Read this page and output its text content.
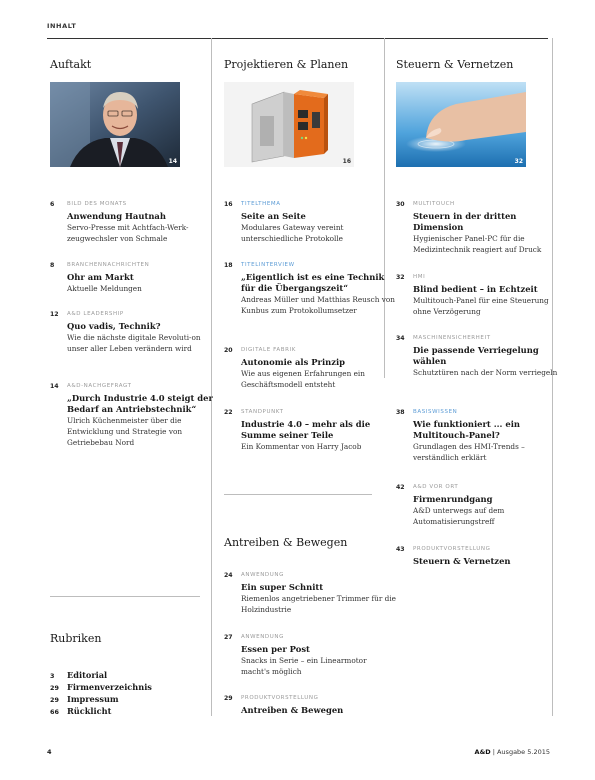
INHALT
Auftakt
14
6 BILD DES MONATS
Anwendung Hautnah
Servo-Presse mit Achtfach-Werk-zeugwechsler von Schmale
8 BRANCHENNACHRICHTEN
Ohr am Markt
Aktuelle Meldungen
12 A&D LEADERSHIP
Quo vadis, Technik?
Wie die nächste digitale Revoluti-on unser aller Leben verändern wird
14 A&D-NACHGEFRAGT
„Durch Industrie 4.0 steigt der Bedarf an Antriebstechnik“
Ulrich Küchenmeister über die Entwicklung und Strategie von Getriebebau Nord
Rubriken
3 Editorial
29 Firmenverzeichnis
29 Impressum
66 Rücklicht
Projektieren & Planen
16
16 TITELTHEMA
Seite an Seite
Modulares Gateway vereint unterschiedliche Protokolle
18 TITELINTERVIEW
„Eigentlich ist es eine Technik für die Übergangszeit“
Andreas Müller und Matthias Reusch von Kunbus zum Protokollumsetzer
20 DIGITALE FABRIK
Autonomie als Prinzip
Wie aus eigenen Erfahrungen ein Geschäftsmodell entsteht
22 STANDPUNKT
Industrie 4.0 – mehr als die Summe seiner Teile
Ein Kommentar von Harry Jacob
Antreiben & Bewegen
24 ANWENDUNG
Ein super Schnitt
Riemenlos angetriebener Trimmer für die Holzindustrie
27 ANWENDUNG
Essen per Post
Snacks in Serie – ein Linearmotor macht's möglich
29 PRODUKTVORSTELLUNG
Antreiben & Bewegen
Steuern & Vernetzen
32
30 MULTITOUCH
Steuern in der dritten Dimension
Hygienischer Panel-PC für die Medizintechnik reagiert auf Druck
32 HMI
Blind bedient – in Echtzeit
Multitouch-Panel für eine Steuerung ohne Verzögerung
34 MASCHINENSICHERHEIT
Die passende Verriegelung wählen
Schutztüren nach der Norm verriegeln
38 BASISWISSEN
Wie funktioniert ... ein Multitouch-Panel?
Grundlagen des HMI-Trends – verständlich erklärt
42 A&D VOR ORT
Firmenrundgang
A&D unterwegs auf dem Automatisierungstreff
43 PRODUKTVORSTELLUNG
Steuern & Vernetzen
4	A&D | Ausgabe 5.2015
